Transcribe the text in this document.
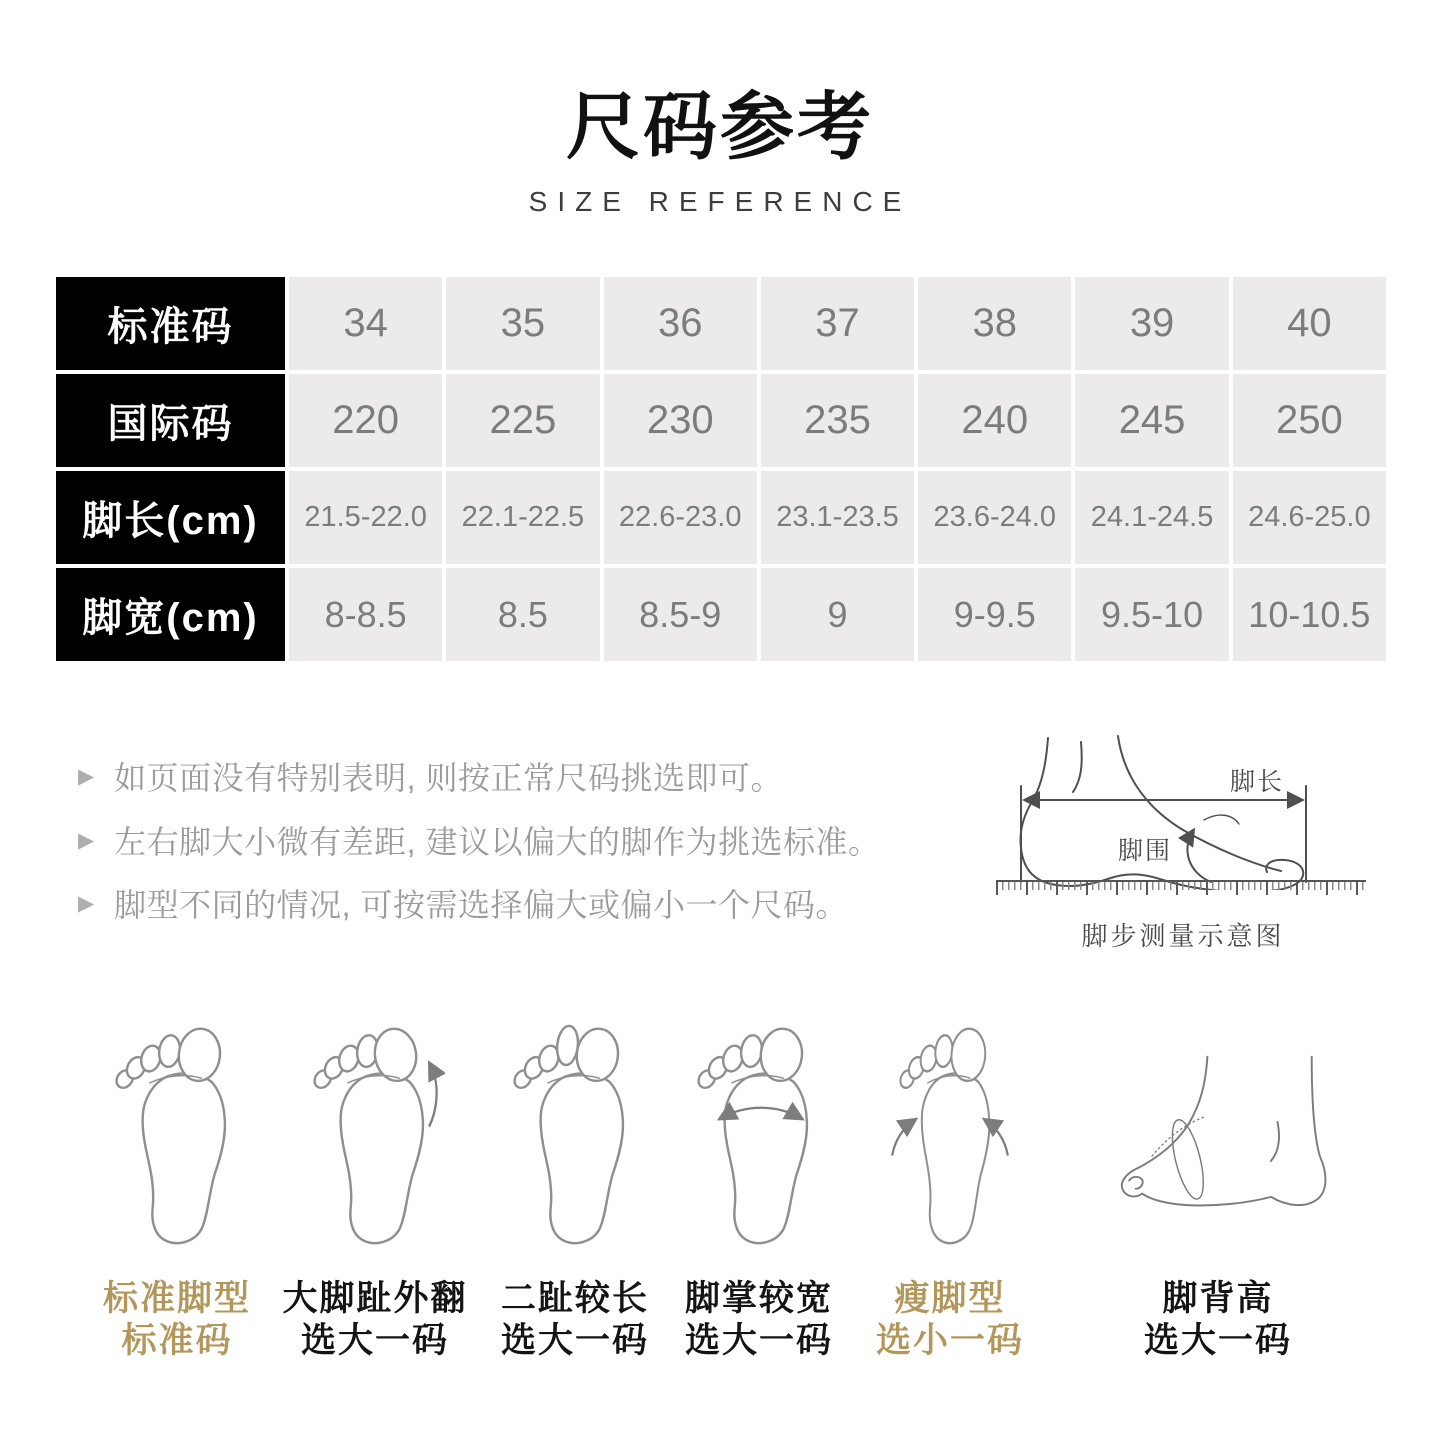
尺码参考
SIZE REFERENCE
标准码	34	35	36	37	38	39	40
国际码	220	225	230	235	240	245	250
脚长(cm)	21.5-22.0	22.1-22.5	22.6-23.0	23.1-23.5	23.6-24.0	24.1-24.5	24.6-25.0
脚宽(cm)	8-8.5	8.5	8.5-9	9	9-9.5	9.5-10	10-10.5
▶ 如页面没有特别表明, 则按正常尺码挑选即可。
▶ 左右脚大小微有差距, 建议以偏大的脚作为挑选标准。
▶ 脚型不同的情况, 可按需选择偏大或偏小一个尺码。
脚长
脚围
脚步测量示意图
标准脚型
标准码
大脚趾外翻
选大一码
二趾较长
选大一码
脚掌较宽
选大一码
瘦脚型
选小一码
脚背高
选大一码
